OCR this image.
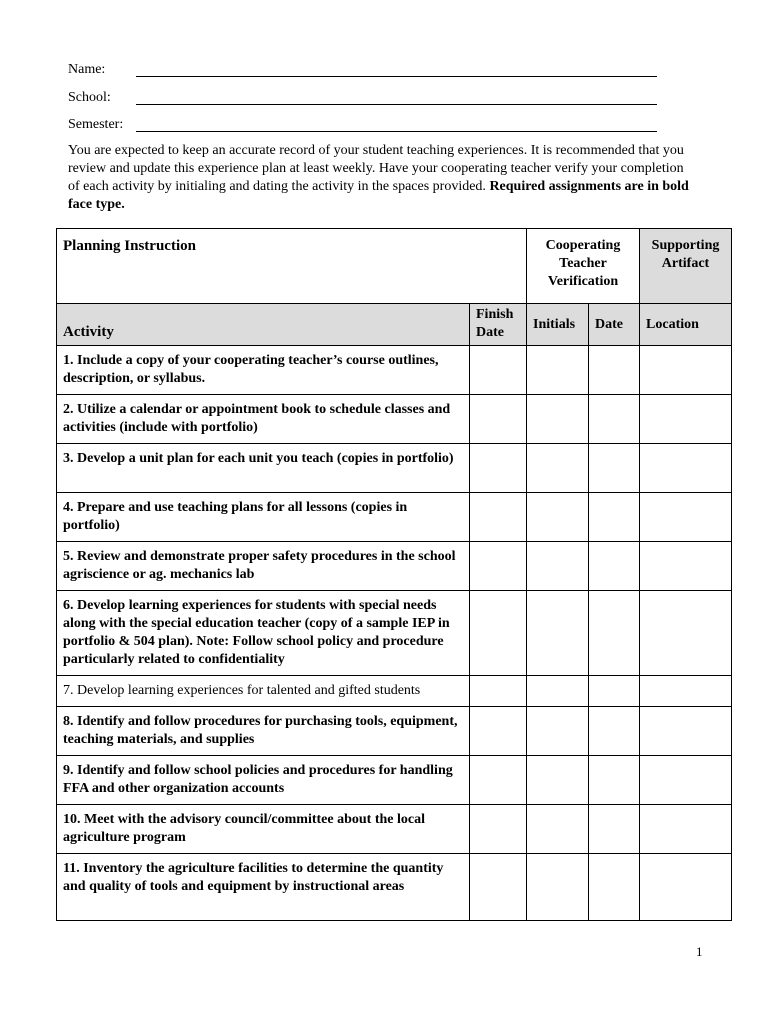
Name:
School:
Semester:
You are expected to keep an accurate record of your student teaching experiences. It is recommended that you review and update this experience plan at least weekly. Have your cooperating teacher verify your completion of each activity by initialing and dating the activity in the spaces provided. Required assignments are in bold face type.
Planning Instruction		Cooperating Teacher Verification		Supporting Artifact
Activity	Finish Date	Initials	Date	Location
1. Include a copy of your cooperating teacher’s course outlines, description, or syllabus.				
2. Utilize a calendar or appointment book to schedule classes and activities (include with portfolio)				
3. Develop a unit plan for each unit you teach (copies in portfolio)				
4. Prepare and use teaching plans for all lessons (copies in portfolio)				
5. Review and demonstrate proper safety procedures in the school agriscience or ag. mechanics lab				
6. Develop learning experiences for students with special needs along with the special education teacher (copy of a sample IEP in portfolio & 504 plan). Note: Follow school policy and procedure particularly related to confidentiality				
7. Develop learning experiences for talented and gifted students				
8. Identify and follow procedures for purchasing tools, equipment, teaching materials, and supplies				
9. Identify and follow school policies and procedures for handling FFA and other organization accounts				
10. Meet with the advisory council/committee about the local agriculture program				
11. Inventory the agriculture facilities to determine the quantity and quality of tools and equipment by instructional areas				
1
